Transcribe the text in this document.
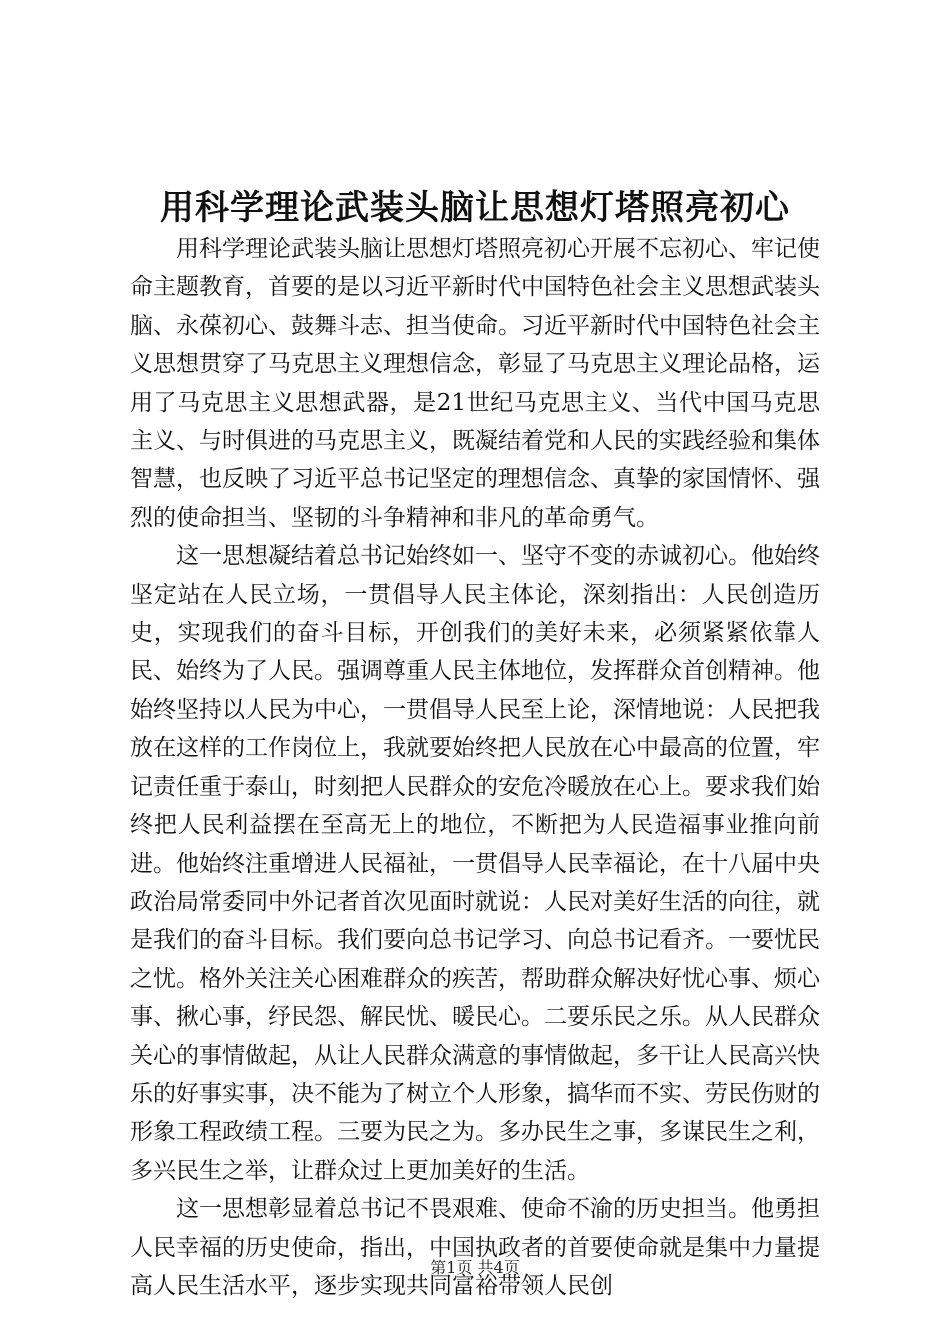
用科学理论武装头脑让思想灯塔照亮初心

用科学理论武装头脑让思想灯塔照亮初心开展不忘初心、牢记使命主题教育，首要的是以习近平新时代中国特色社会主义思想武装头脑、永葆初心、鼓舞斗志、担当使命。习近平新时代中国特色社会主义思想贯穿了马克思主义理想信念，彰显了马克思主义理论品格，运用了马克思主义思想武器，是21世纪马克思主义、当代中国马克思主义、与时俱进的马克思主义，既凝结着党和人民的实践经验和集体智慧，也反映了习近平总书记坚定的理想信念、真挚的家国情怀、强烈的使命担当、坚韧的斗争精神和非凡的革命勇气。

这一思想凝结着总书记始终如一、坚守不变的赤诚初心。他始终坚定站在人民立场，一贯倡导人民主体论，深刻指出：人民创造历史，实现我们的奋斗目标，开创我们的美好未来，必须紧紧依靠人民、始终为了人民。强调尊重人民主体地位，发挥群众首创精神。他始终坚持以人民为中心，一贯倡导人民至上论，深情地说：人民把我放在这样的工作岗位上，我就要始终把人民放在心中最高的位置，牢记责任重于泰山，时刻把人民群众的安危冷暖放在心上。要求我们始终把人民利益摆在至高无上的地位，不断把为人民造福事业推向前进。他始终注重增进人民福祉，一贯倡导人民幸福论，在十八届中央政治局常委同中外记者首次见面时就说：人民对美好生活的向往，就是我们的奋斗目标。我们要向总书记学习、向总书记看齐。一要忧民之忧。格外关注关心困难群众的疾苦，帮助群众解决好忧心事、烦心事、揪心事，纾民怨、解民忧、暖民心。二要乐民之乐。从人民群众关心的事情做起，从让人民群众满意的事情做起，多干让人民高兴快乐的好事实事，决不能为了树立个人形象，搞华而不实、劳民伤财的形象工程政绩工程。三要为民之为。多办民生之事，多谋民生之利，多兴民生之举，让群众过上更加美好的生活。

这一思想彰显着总书记不畏艰难、使命不渝的历史担当。他勇担人民幸福的历史使命，指出，中国执政者的首要使命就是集中力量提高人民生活水平，逐步实现共同富裕带领人民创

第1页 共4页
